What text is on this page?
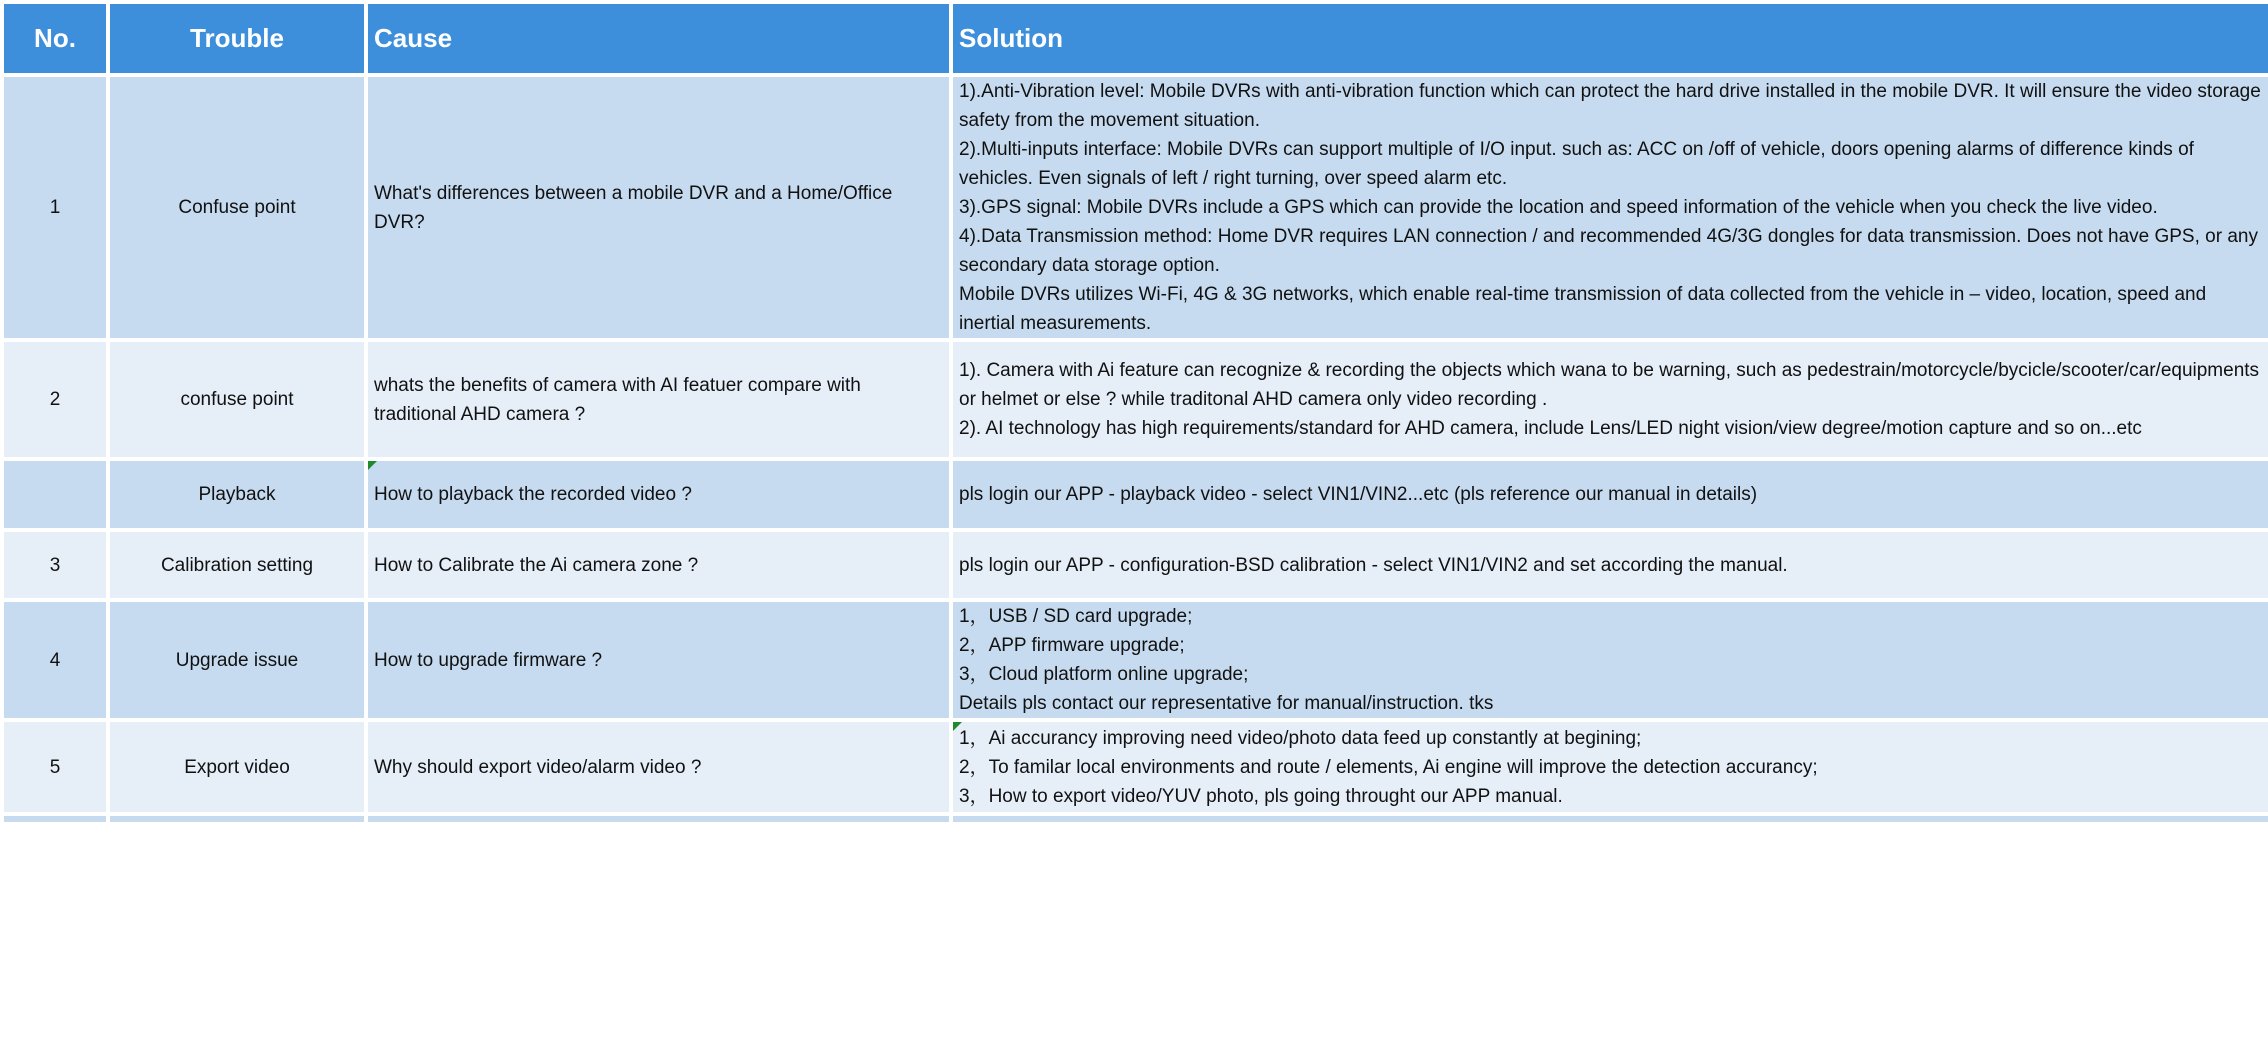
No.	Trouble	Cause	Solution
1	Confuse point	What's differences between a mobile DVR and a Home/Office DVR?	1).Anti-Vibration level: Mobile DVRs with anti-vibration function which can protect the hard drive installed in the mobile DVR. It will ensure the video storage safety from the movement situation.
2).Multi-inputs interface: Mobile DVRs can support multiple of I/O input. such as: ACC on /off of vehicle, doors opening alarms of difference kinds of vehicles. Even signals of left / right turning, over speed alarm etc.
3).GPS signal: Mobile DVRs include a GPS which can provide the location and speed information of the vehicle when you check the live video.
4).Data Transmission method: Home DVR requires LAN connection / and recommended 4G/3G dongles for data transmission. Does not have GPS, or any secondary data storage option.
Mobile DVRs utilizes Wi-Fi, 4G & 3G networks, which enable real-time transmission of data collected from the vehicle in – video, location, speed and inertial measurements.

2	confuse point	whats the benefits of camera with AI featuer compare with traditional AHD camera ?	1). Camera with Ai feature can recognize & recording the objects which wana to be warning, such as pedestrain/motorcycle/bycicle/scooter/car/equipments or helmet or else ? while traditonal AHD camera only video recording .
2). AI technology has high requirements/standard for AHD camera, include Lens/LED night vision/view degree/motion capture and so on...etc

	Playback	How to playback the recorded video ?	pls login our APP - playback video - select VIN1/VIN2...etc (pls reference our manual in details)

3	Calibration setting	How to Calibrate the Ai camera zone ?	pls login our APP - configuration-BSD calibration - select VIN1/VIN2 and set according the manual.

4	Upgrade issue	How to upgrade firmware ?	1，USB / SD card upgrade;
2，APP firmware upgrade;
3，Cloud platform online upgrade;
Details pls contact our representative for manual/instruction. tks

5	Export video	Why should export video/alarm video ?	1，Ai accurancy improving need video/photo data feed up constantly at begining;
2，To familar local environments and route / elements, Ai engine will improve the detection accurancy;
3，How to export video/YUV photo, pls going throught our APP manual.
